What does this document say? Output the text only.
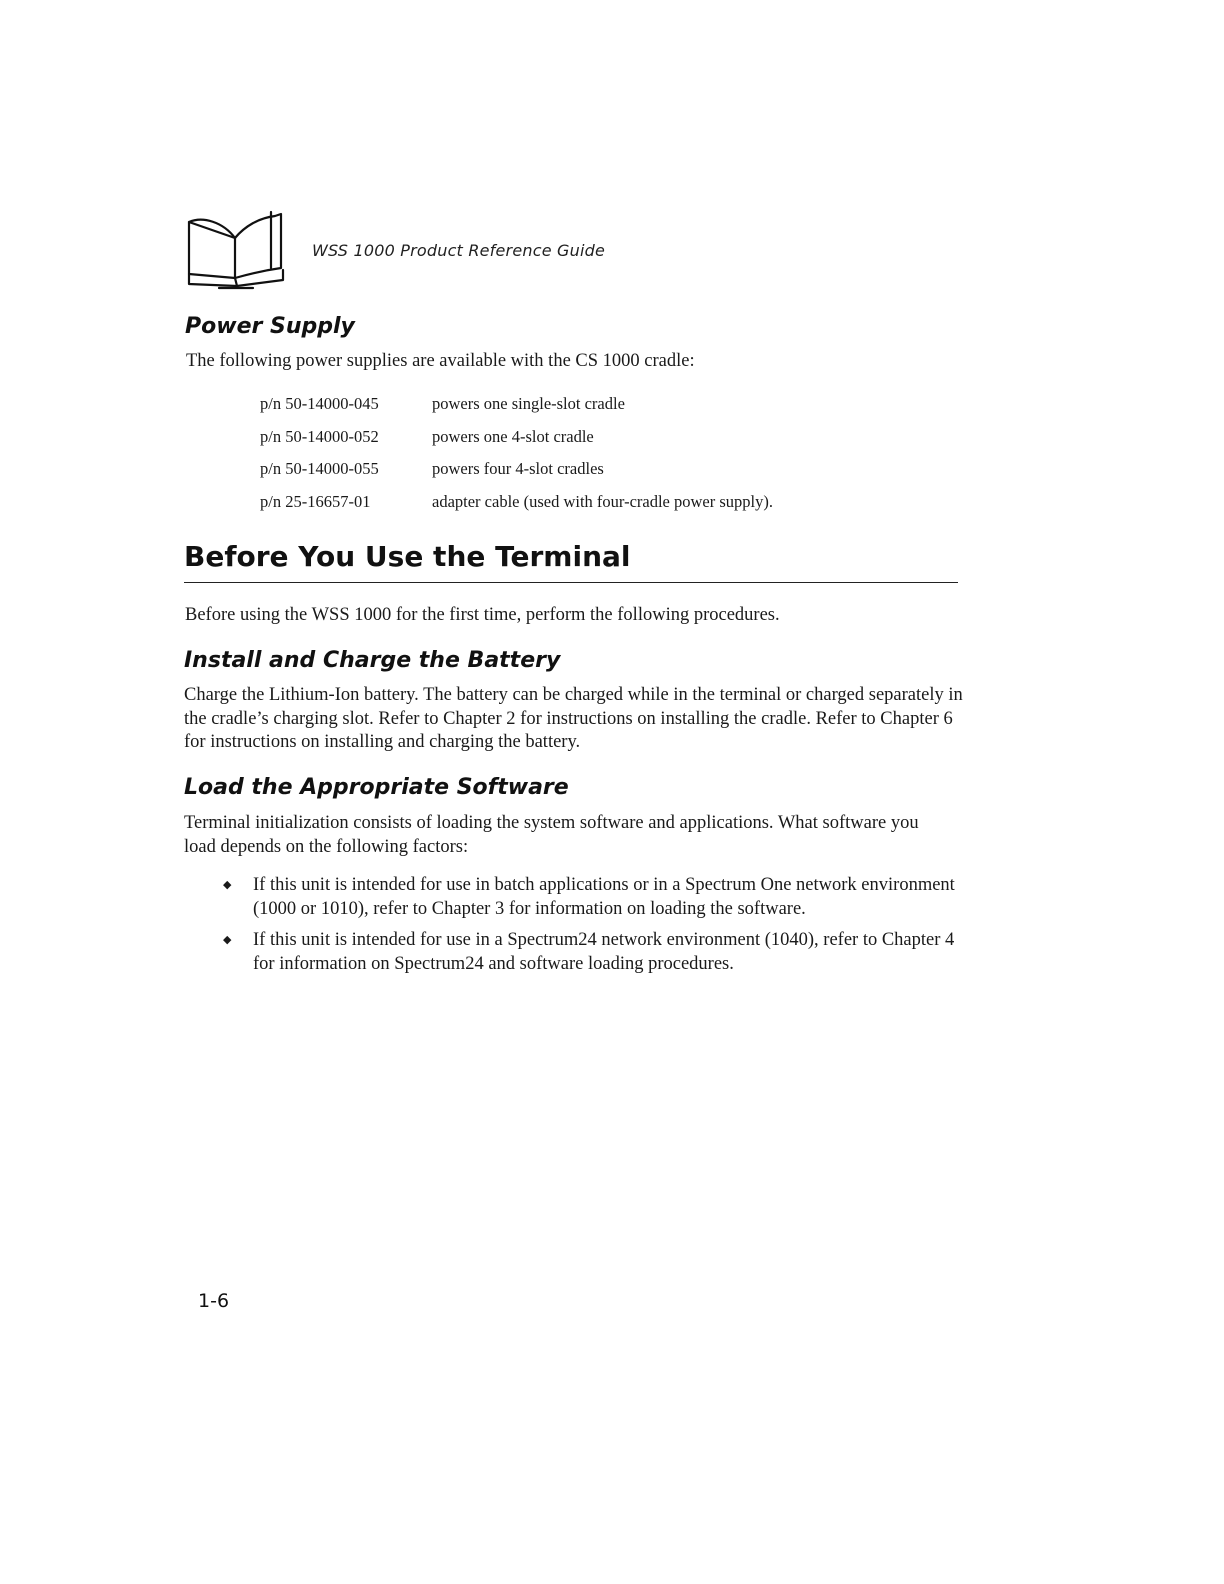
WSS 1000 Product Reference Guide
Power Supply

The following power supplies are available with the CS 1000 cradle:

p/n 50-14000-045	powers one single-slot cradle
p/n 50-14000-052	powers one 4-slot cradle
p/n 50-14000-055	powers four 4-slot cradles
p/n 25-16657-01	adapter cable (used with four-cradle power supply).
Before You Use the Terminal

Before using the WSS 1000 for the first time, perform the following procedures.

Install and Charge the Battery

Charge the Lithium-Ion battery. The battery can be charged while in the terminal or charged separately in the cradle’s charging slot. Refer to Chapter 2 for instructions on installing the cradle. Refer to Chapter 6 for instructions on installing and charging the battery.

Load the Appropriate Software

Terminal initialization consists of loading the system software and applications. What software you load depends on the following factors:

◆ If this unit is intended for use in batch applications or in a Spectrum One network environment (1000 or 1010), refer to Chapter 3 for information on loading the software.
◆ If this unit is intended for use in a Spectrum24 network environment (1040), refer to Chapter 4 for information on Spectrum24 and software loading procedures.
1-6
